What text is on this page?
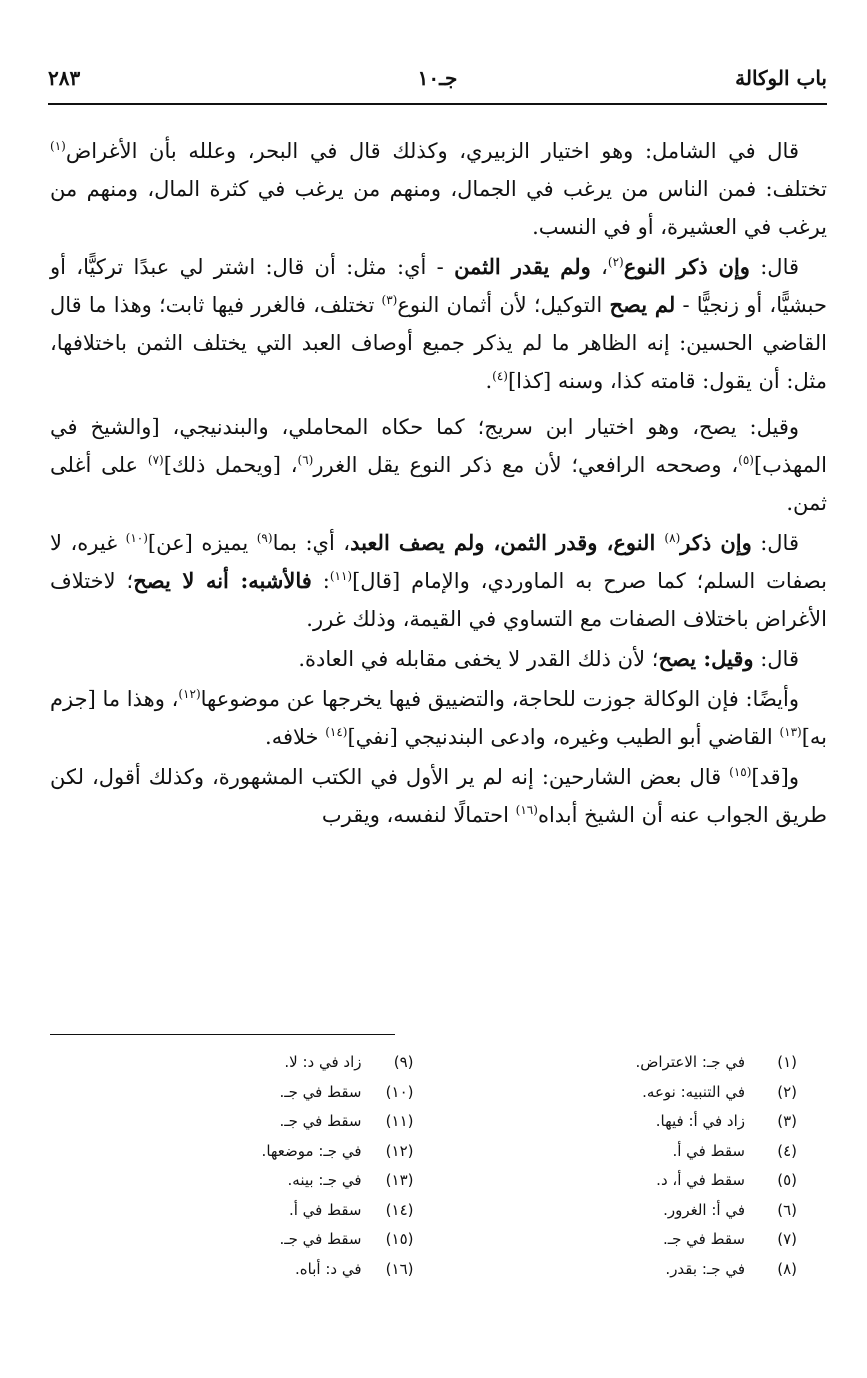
باب الوكالة
جـ١٠
٢٨٣

قال في الشامل: وهو اختيار الزبيري، وكذلك قال في البحر، وعلله بأن الأغراض$^{(١)}$ تختلف: فمن الناس من يرغب في الجمال، ومنهم من يرغب في كثرة المال، ومنهم من يرغب في العشيرة، أو في النسب.

قال: وإن ذكر النوع$^{(٢)}$، ولم يقدر الثمن - أي: مثل: أن قال: اشتر لي عبدًا تركيًّا، أو حبشيًّا، أو زنجيًّا - لم يصح التوكيل؛ لأن أثمان النوع$^{(٣)}$ تختلف، فالغرر فيها ثابت؛ وهذا ما قال القاضي الحسين: إنه الظاهر ما لم يذكر جميع أوصاف العبد التي يختلف الثمن باختلافها، مثل: أن يقول: قامته كذا، وسنه [كذا]$^{(٤)}$.

وقيل: يصح، وهو اختيار ابن سريج؛ كما حكاه المحاملي، والبندنيجي، [والشيخ في المهذب]$^{(٥)}$، وصححه الرافعي؛ لأن مع ذكر النوع يقل الغرر$^{(٦)}$، [ويحمل ذلك]$^{(٧)}$ على أغلى ثمن.

قال: وإن ذكر$^{(٨)}$ النوع، وقدر الثمن، ولم يصف العبد، أي: بما$^{(٩)}$ يميزه [عن]$^{(١٠)}$ غيره، لا بصفات السلم؛ كما صرح به الماوردي، والإمام [قال]$^{(١١)}$: فالأشبه: أنه لا يصح؛ لاختلاف الأغراض باختلاف الصفات مع التساوي في القيمة، وذلك غرر.

قال: وقيل: يصح؛ لأن ذلك القدر لا يخفى مقابله في العادة.

وأيضًا: فإن الوكالة جوزت للحاجة، والتضييق فيها يخرجها عن موضوعها$^{(١٢)}$، وهذا ما [جزم به]$^{(١٣)}$ القاضي أبو الطيب وغيره، وادعى البندنيجي [نفي]$^{(١٤)}$ خلافه.

و[قد]$^{(١٥)}$ قال بعض الشارحين: إنه لم ير الأول في الكتب المشهورة، وكذلك أقول، لكن طريق الجواب عنه أن الشيخ أبداه$^{(١٦)}$ احتمالًا لنفسه، ويقرب

(١)
في جـ: الاعتراض.
(٢)
في التنبيه: نوعه.
(٣)
زاد في أ: فيها.
(٤)
سقط في أ.
(٥)
سقط في أ، د.
(٦)
في أ: الغرور.
(٧)
سقط في جـ.
(٨)
في جـ: بقدر.
(٩)
زاد في د: لا.
(١٠)
سقط في جـ.
(١١)
سقط في جـ.
(١٢)
في جـ: موضعها.
(١٣)
في جـ: بينه.
(١٤)
سقط في أ.
(١٥)
سقط في جـ.
(١٦)
في د: أباه.
